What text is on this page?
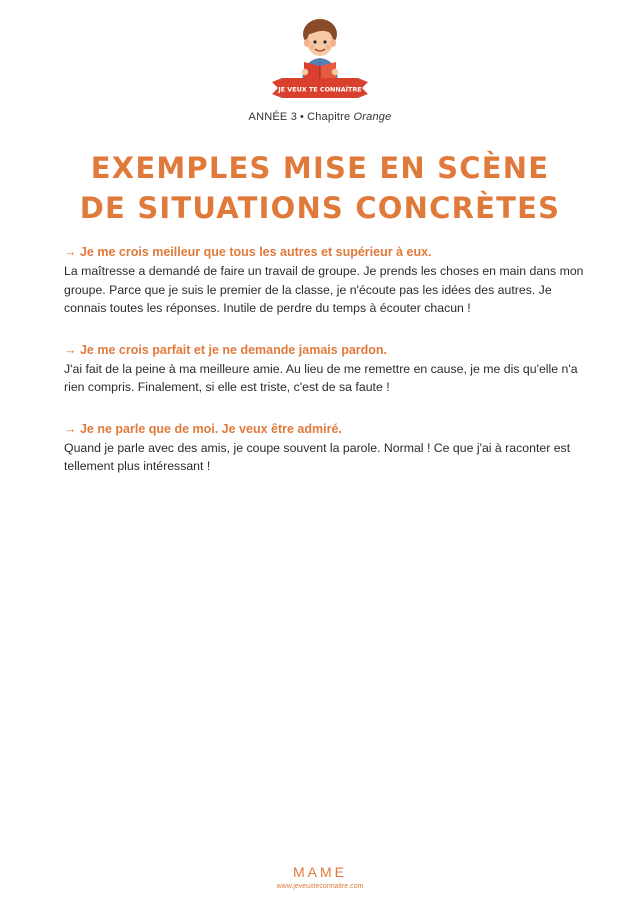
JE VEUX TE CONNAÎTRE
ANNÉE 3 • Chapitre Orange
EXEMPLES MISE EN SCÈNE
DE SITUATIONS CONCRÈTES

→ Je me crois meilleur que tous les autres et supérieur à eux.

La maîtresse a demandé de faire un travail de groupe. Je prends les choses en main dans mon groupe. Parce que je suis le premier de la classe, je n'écoute pas les idées des autres. Je connais toutes les réponses. Inutile de perdre du temps à écouter chacun !

→ Je me crois parfait et je ne demande jamais pardon.

J'ai fait de la peine à ma meilleure amie. Au lieu de me remettre en cause, je me dis qu'elle n'a rien compris. Finalement, si elle est triste, c'est de sa faute !

→ Je ne parle que de moi. Je veux être admiré.

Quand je parle avec des amis, je coupe souvent la parole. Normal ! Ce que j'ai à raconter est tellement plus intéressant !

MAME
www.jeveuxteconnaitre.com
